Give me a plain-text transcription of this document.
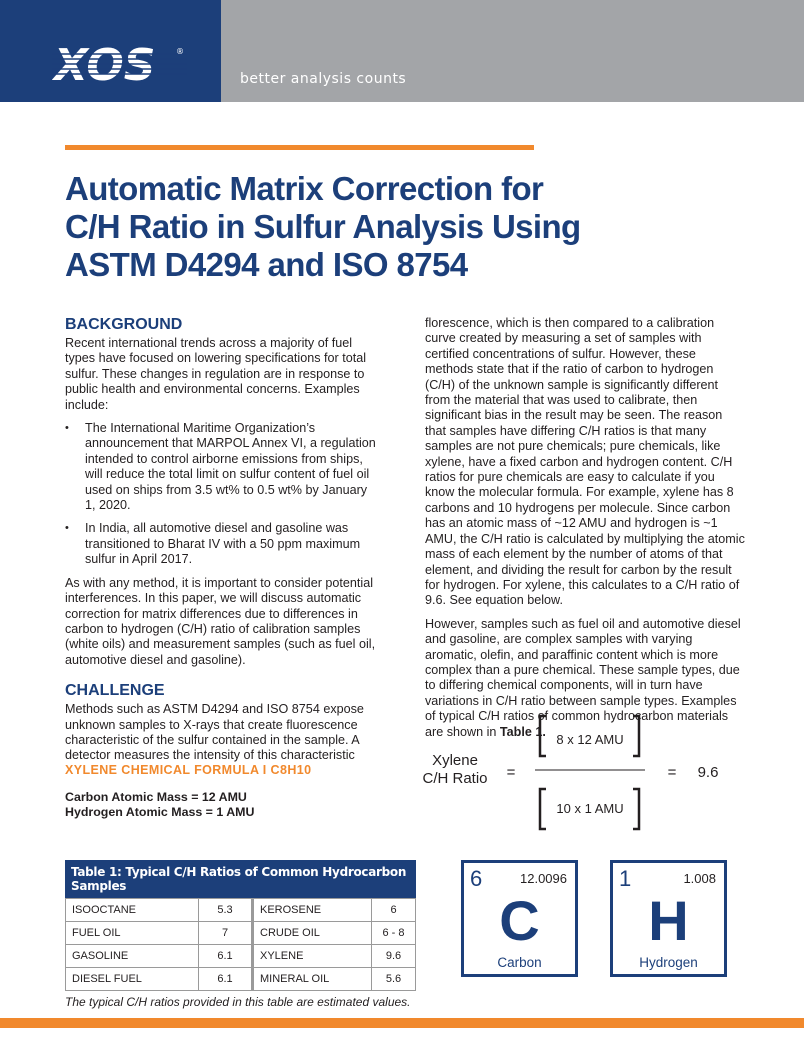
XOS	®
better analysis counts
Automatic Matrix Correction for
C/H Ratio in Sulfur Analysis Using
ASTM D4294 and ISO 8754
BACKGROUND

Recent international trends across a majority of fuel types have focused on lowering specifications for total sulfur. These changes in regulation are in response to public health and environmental concerns. Examples include:

• The International Maritime Organization’s announcement that MARPOL Annex VI, a regulation intended to control airborne emissions from ships, will reduce the total limit on sulfur content of fuel oil used on ships from 3.5 wt% to 0.5 wt% by January 1, 2020.
• In India, all automotive diesel and gasoline was transitioned to Bharat IV with a 50 ppm maximum sulfur in April 2017.

As with any method, it is important to consider potential interferences. In this paper, we will discuss automatic correction for matrix differences due to differences in carbon to hydrogen (C/H) ratio of calibration samples (white oils) and measurement samples (such as fuel oil, automotive diesel and gasoline).

CHALLENGE

Methods such as ASTM D4294 and ISO 8754 expose unknown samples to X-rays that create fluorescence characteristic of the sulfur contained in the sample. A detector measures the intensity of this characteristic

florescence, which is then compared to a calibration curve created by measuring a set of samples with certified concentrations of sulfur. However, these methods state that if the ratio of carbon to hydrogen (C/H) of the unknown sample is significantly different from the material that was used to calibrate, then significant bias in the result may be seen. The reason that samples have differing C/H ratios is that many samples are not pure chemicals; pure chemicals, like xylene, have a fixed carbon and hydrogen content. C/H ratios for pure chemicals are easy to calculate if you know the molecular formula. For example, xylene has 8 carbons and 10 hydrogens per molecule. Since carbon has an atomic mass of ~12 AMU and hydrogen is ~1 AMU, the C/H ratio is calculated by multiplying the atomic mass of each element by the number of atoms of that element, and dividing the result for carbon by the result for hydrogen. For xylene, this calculates to a C/H ratio of 9.6. See equation below.

However, samples such as fuel oil and automotive diesel and gasoline, are complex samples with varying aromatic, olefin, and paraffinic content which is more complex than a pure chemical. These sample types, due to differing chemical components, will in turn have variations in C/H ratio between sample types. Examples of typical C/H ratios of common hydrocarbon materials are shown in Table 1.

XYLENE CHEMICAL FORMULA I C8H10
Carbon Atomic Mass = 12 AMU
Hydrogen Atomic Mass = 1 AMU
Xylene
C/H Ratio =
8 x 12 AMU
10 x 1 AMU
= 9.6
Table 1: Typical C/H Ratios of Common Hydrocarbon Samples
ISOOCTANE	5.3	KEROSENE	6
FUEL OIL	7	CRUDE OIL	6 - 8
GASOLINE	6.1	XYLENE	9.6
DIESEL FUEL	6.1	MINERAL OIL	5.6
The typical C/H ratios provided in this table are estimated values.
6	12.0096
C
Carbon
1	1.008
H
Hydrogen
